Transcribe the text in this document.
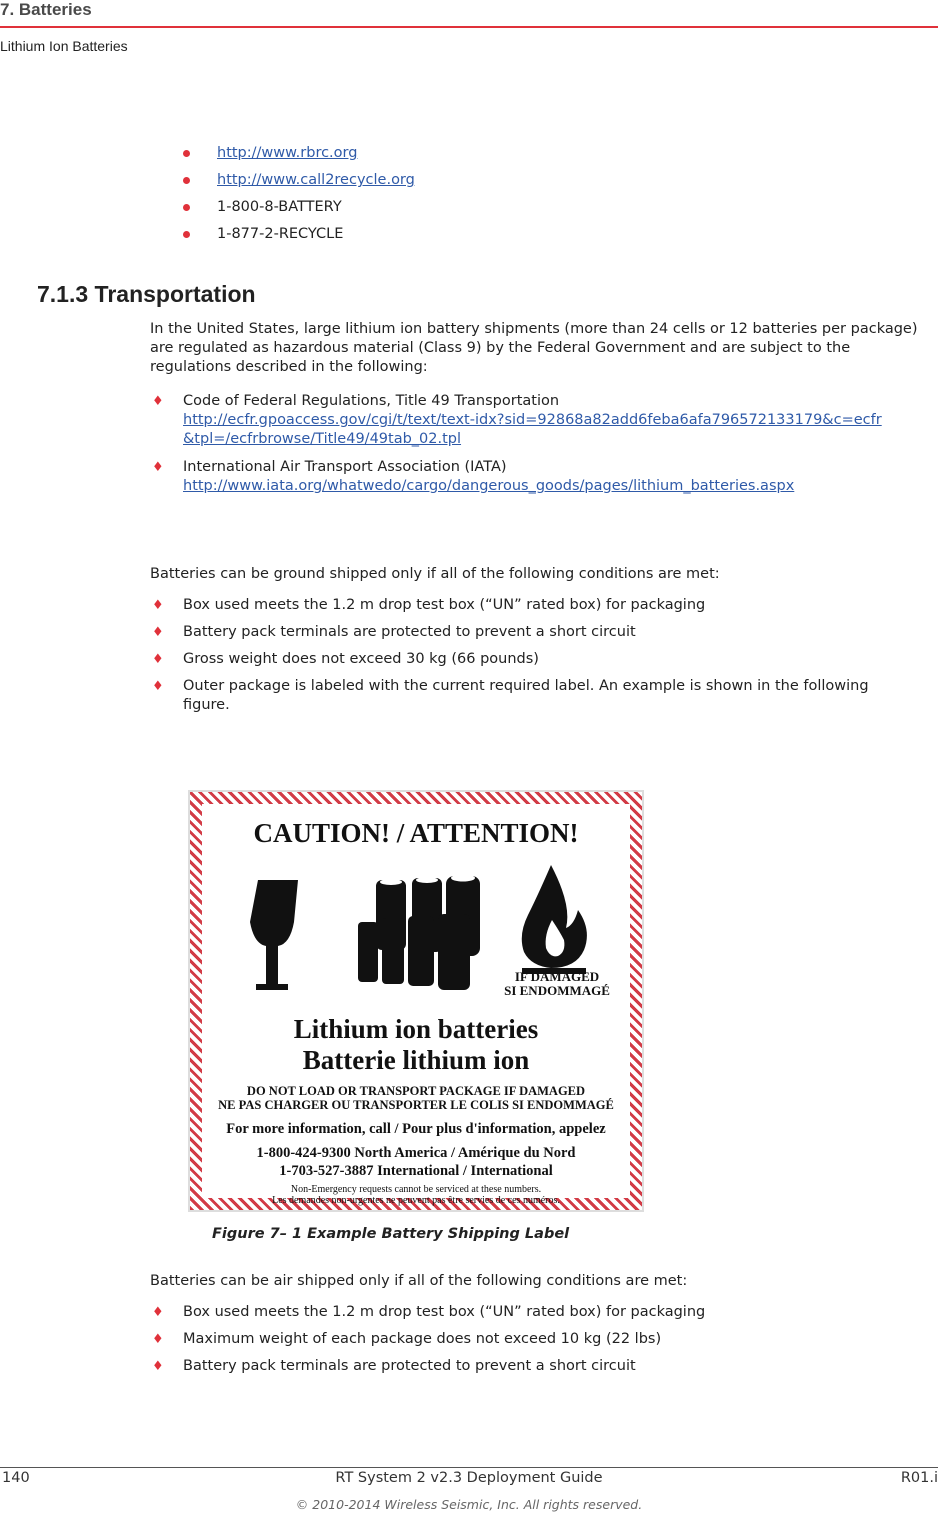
7. Batteries
Lithium Ion Batteries
http://www.rbrc.org
http://www.call2recycle.org
1-800-8-BATTERY
1-877-2-RECYCLE
7.1.3 Transportation
In the United States, large lithium ion battery shipments (more than 24 cells or 12 batteries per package) are regulated as hazardous material (Class 9) by the Federal Government and are subject to the regulations described in the following:
♦ Code of Federal Regulations, Title 49 Transportation
http://ecfr.gpoaccess.gov/cgi/t/text/text-idx?sid=92868a82add6feba6afa796572133179&c=ecfr&tpl=/ecfrbrowse/Title49/49tab_02.tpl
♦ International Air Transport Association (IATA)
http://www.iata.org/whatwedo/cargo/dangerous_goods/pages/lithium_batteries.aspx
Batteries can be ground shipped only if all of the following conditions are met:
♦ Box used meets the 1.2 m drop test box (“UN” rated box) for packaging
♦ Battery pack terminals are protected to prevent a short circuit
♦ Gross weight does not exceed 30 kg (66 pounds)
♦ Outer package is labeled with the current required label. An example is shown in the following figure.
CAUTION! / ATTENTION!
IF DAMAGED
SI ENDOMMAGÉ
Lithium ion batteries
Batterie lithium ion
DO NOT LOAD OR TRANSPORT PACKAGE IF DAMAGED
NE PAS CHARGER OU TRANSPORTER LE COLIS SI ENDOMMAGÉ
For more information, call / Pour plus d'information, appelez
1-800-424-9300 North America / Amérique du Nord
1-703-527-3887 International / International
Non-Emergency requests cannot be serviced at these numbers.
Les demandes non-urgentes ne peuvent pas être servies de ces numéros.
Figure 7– 1 Example Battery Shipping Label
Batteries can be air shipped only if all of the following conditions are met:
♦ Box used meets the 1.2 m drop test box (“UN” rated box) for packaging
♦ Maximum weight of each package does not exceed 10 kg (22 lbs)
♦ Battery pack terminals are protected to prevent a short circuit
140	RT System 2 v2.3 Deployment Guide	R01.i
© 2010-2014 Wireless Seismic, Inc. All rights reserved.
